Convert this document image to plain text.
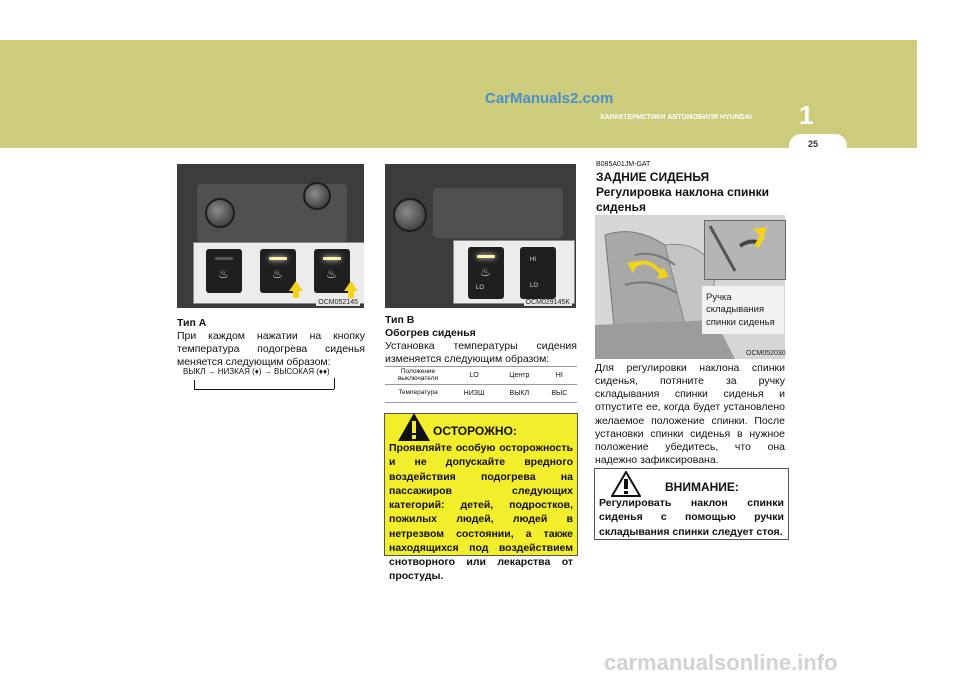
CarManuals2.com
ХАРАКТЕРИСТИКИ АВТОМОБИЛЯ HYUNDAI 1
25
♨	♨	♨
OCM052145
♨
LO
HI
LO
OCM029145K
Тип А
При каждом нажатии на кнопку температура подогрева сиденья меняется следующим образом:
ВЫКЛ → НИЗКАЯ (♦) → ВЫСОКАЯ (♦♦)
Тип В
Обогрев сиденья
Установка температуры сидения изменяется следующим образом:
Положение выключателя	LO	Центр	HI
Температура	НИЗШ	ВЫКЛ	ВЫС
ОСТОРОЖНО:
Проявляйте особую осторожность и не допускайте вредного воздействия подогрева на пассажиров следующих категорий: детей, подростков, пожилых людей, людей в нетрезвом состоянии, а также находящихся под воздействием снотворного или лекарства от простуды.
B085A01JM-GAT
ЗАДНИЕ СИДЕНЬЯ
Регулировка наклона спинки сиденья
Ручка складывания спинки сиденья
OCM052030
Для регулировки наклона спинки сиденья, потяните за ручку складывания спинки сиденья и отпустите ее, когда будет установлено желаемое положение спинки. После установки спинки сиденья в нужное положение убедитесь, что она надежно зафиксирована.
ВНИМАНИЕ:
Регулировать наклон спинки сиденья с помощью ручки складывания спинки следует стоя.
carmanualsonline.info
